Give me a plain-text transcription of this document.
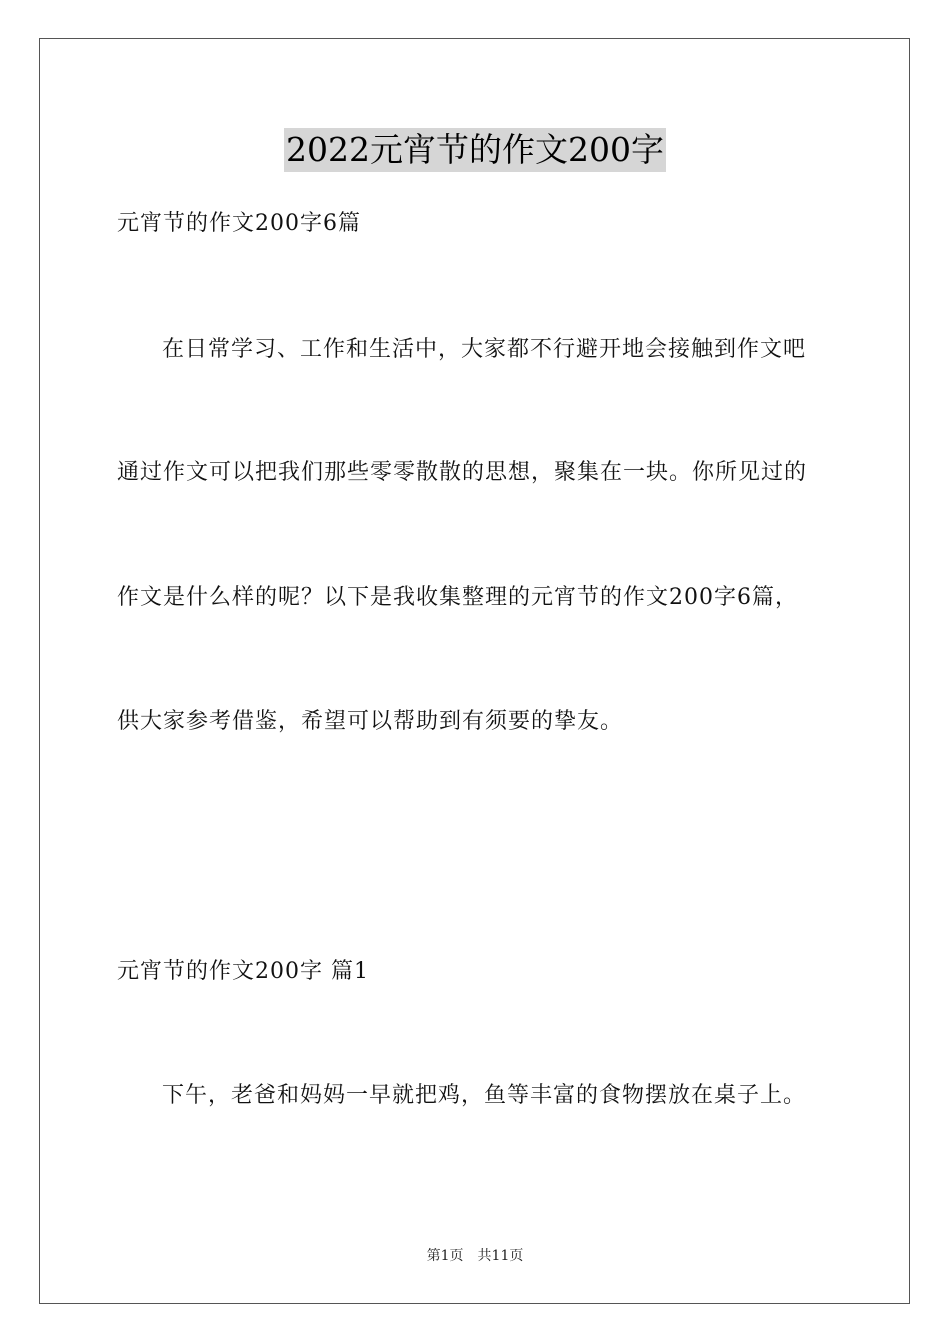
2022元宵节的作文200字
元宵节的作文200字6篇
在日常学习、工作和生活中，大家都不行避开地会接触到作文吧
通过作文可以把我们那些零零散散的思想，聚集在一块。你所见过的
作文是什么样的呢？以下是我收集整理的元宵节的作文200字6篇，
供大家参考借鉴，希望可以帮助到有须要的挚友。
元宵节的作文200字 篇1
下午，老爸和妈妈一早就把鸡，鱼等丰富的食物摆放在桌子上。
第1页 共11页
